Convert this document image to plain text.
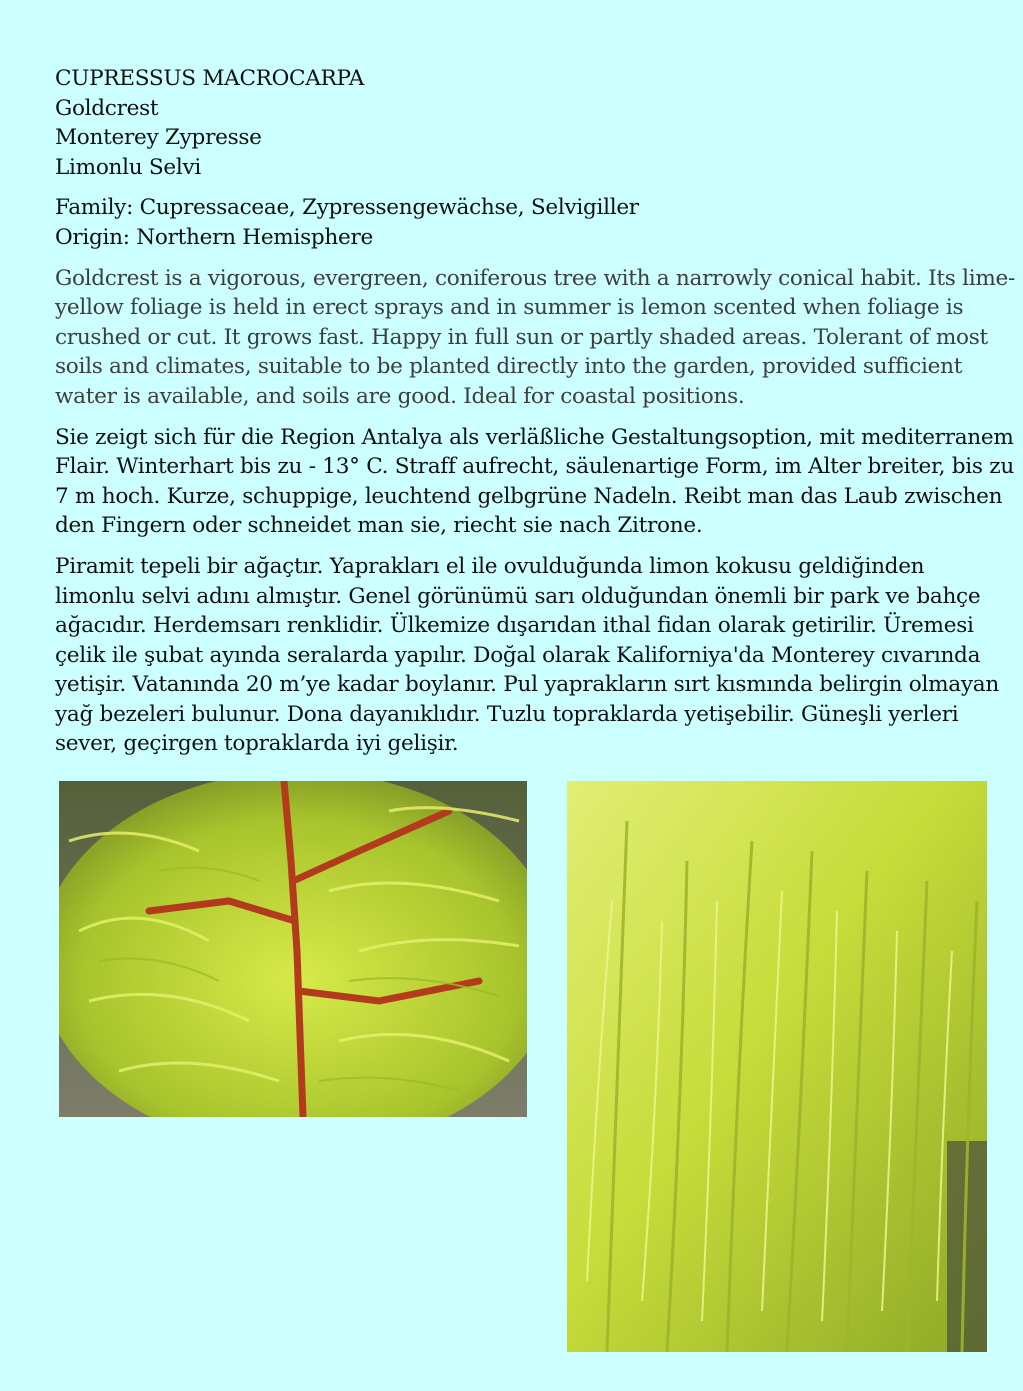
CUPRESSUS MACROCARPA
Goldcrest
Monterey Zypresse
Limonlu Selvi
Family: Cupressaceae, Zypressengewächse, Selvigiller
Origin: Northern Hemisphere
Goldcrest is a vigorous, evergreen, coniferous tree with a narrowly conical habit. Its lime-
yellow foliage is held in erect sprays and in summer is lemon scented when foliage is
crushed or cut. It grows fast. Happy in full sun or partly shaded areas. Tolerant of most
soils and climates, suitable to be planted directly into the garden, provided sufficient
water is available, and soils are good. Ideal for coastal positions.
Sie zeigt sich für die Region Antalya als verläßliche Gestaltungsoption, mit mediterranem
Flair. Winterhart bis zu - 13° C. Straff aufrecht, säulenartige Form, im Alter breiter, bis zu
7 m hoch. Kurze, schuppige, leuchtend gelbgrüne Nadeln. Reibt man das Laub zwischen
den Fingern oder schneidet man sie, riecht sie nach Zitrone.
Piramit tepeli bir ağaçtır. Yaprakları el ile ovulduğunda limon kokusu geldiğinden
limonlu selvi adını almıştır. Genel görünümü sarı olduğundan önemli bir park ve bahçe
ağacıdır. Herdemsarı renklidir. Ülkemize dışarıdan ithal fidan olarak getirilir. Üremesi
çelik ile şubat ayında seralarda yapılır. Doğal olarak Kaliforniya'da Monterey cıvarında
yetişir. Vatanında 20 m’ye kadar boylanır. Pul yaprakların sırt kısmında belirgin olmayan
yağ bezeleri bulunur. Dona dayanıklıdır. Tuzlu topraklarda yetişebilir. Güneşli yerleri
sever, geçirgen topraklarda iyi gelişir.
